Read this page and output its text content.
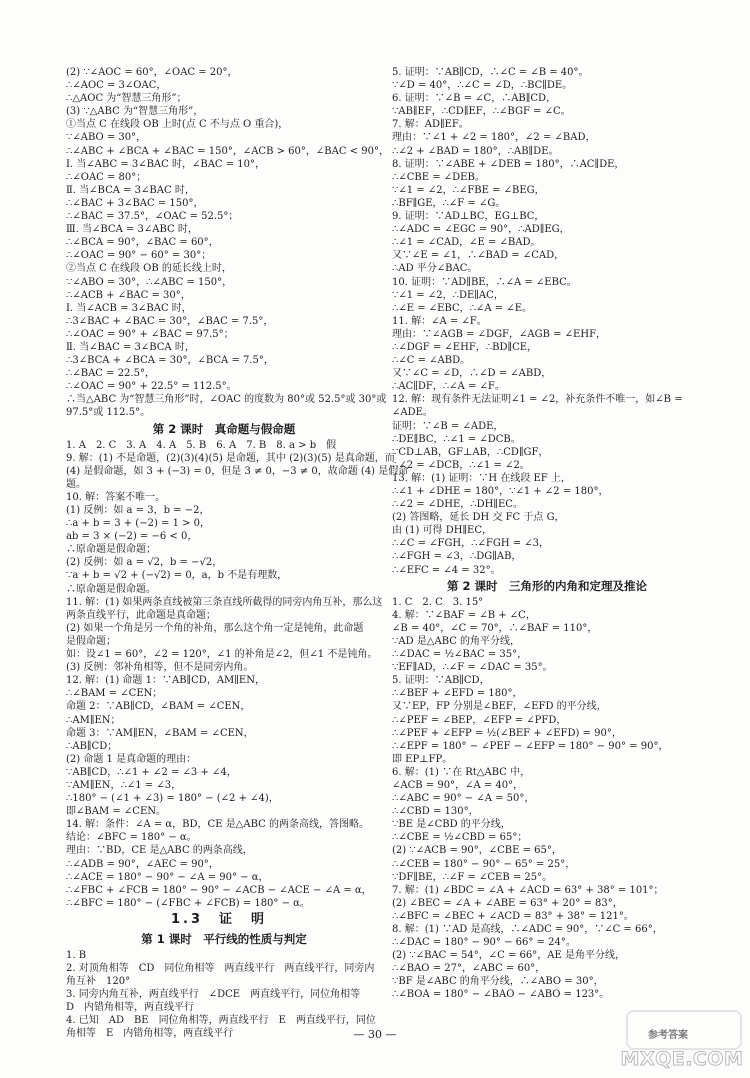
(2) ∵∠AOC = 60°，∠OAC = 20°，
∴∠AOC = 3∠OAC，
∴△AOC 为“智慧三角形”；
(3) ∵△ABC 为“智慧三角形”，
①当点 C 在线段 OB 上时(点 C 不与点 O 重合)，
∵∠ABO = 30°，
∴∠ABC + ∠BCA + ∠BAC = 150°，∠ACB > 60°，∠BAC < 90°，
Ⅰ. 当∠ABC = 3∠BAC 时，∠BAC = 10°，
∴∠OAC = 80°；
Ⅱ. 当∠BCA = 3∠BAC 时，
∴∠BAC + 3∠BAC = 150°，
∴∠BAC = 37.5°，∠OAC = 52.5°；
Ⅲ. 当∠BCA = 3∠ABC 时，
∴∠BCA = 90°，∠BAC = 60°，
∴∠OAC = 90° − 60° = 30°；
②当点 C 在线段 OB 的延长线上时，
∵∠ABO = 30°，∴∠ABC = 150°，
∴∠ACB + ∠BAC = 30°，
Ⅰ. 当∠ACB = 3∠BAC 时，
∴3∠BAC + ∠BAC = 30°，∠BAC = 7.5°，
∴∠OAC = 90° + ∠BAC = 97.5°；
Ⅱ. 当∠BAC = 3∠BCA 时，
∴3∠BCA + ∠BCA = 30°，∠BCA = 7.5°，
∴∠BAC = 22.5°，
∴∠OAC = 90° + 22.5° = 112.5°。
∴当△ABC 为“智慧三角形”时，∠OAC 的度数为 80°或 52.5°或 30°或
97.5°或 112.5°。
第 2 课时　真命题与假命题
1. A　2. C　3. A　4. A　5. B　6. A　7. B　8. a > b　假
9. 解：(1) 不是命题，(2)(3)(4)(5) 是命题，其中 (2)(3)(5) 是真命题，而
(4) 是假命题，如 3 + (−3) = 0，但是 3 ≠ 0，−3 ≠ 0，故命题 (4) 是假命
题。
10. 解：答案不唯一。
(1) 反例：如 a = 3，b = −2，
∴a + b = 3 + (−2) = 1 > 0，
ab = 3 × (−2) = −6 < 0，
∴原命题是假命题；
(2) 反例：如 a = √2，b = −√2，
∵a + b = √2 + (−√2) = 0，a，b 不是有理数，
∴原命题是假命题。
11. 解：(1) 如果两条直线被第三条直线所截得的同旁内角互补，那么这
两条直线平行，此命题是真命题；
(2) 如果一个角是另一个角的补角，那么这个角一定是钝角，此命题
是假命题；
如：设∠1 = 60°，∠2 = 120°，∠1 的补角是∠2，但∠1 不是钝角。
(3) 反例：邻补角相等，但不是同旁内角。
12. 解：(1) 命题 1：∵AB∥CD，AM∥EN，
∴∠BAM = ∠CEN；
命题 2：∵AB∥CD，∠BAM = ∠CEN，
∴AM∥EN；
命题 3：∵AM∥EN，∠BAM = ∠CEN，
∴AB∥CD；
(2) 命题 1 是真命题的理由：
∵AB∥CD，∴∠1 + ∠2 = ∠3 + ∠4，
∵AM∥EN，∴∠1 = ∠3，
∴180° − (∠1 + ∠3) = 180° − (∠2 + ∠4)，
即∠BAM = ∠CEN。
14. 解：条件：∠A = α，BD，CE 是△ABC 的两条高线，答图略。
结论：∠BFC = 180° − α。
理由：∵BD，CE 是△ABC 的两条高线，
∴∠ADB = 90°，∠AEC = 90°，
∴∠ACE = 180° − 90° − ∠A = 90° − α，
∴∠FBC + ∠FCB = 180° − 90° − ∠ACB − ∠ACE − ∠A = α，
∴∠BFC = 180° − (∠FBC + ∠FCB) = 180° − α。
1.3　证　明
第 1 课时　平行线的性质与判定
1. B
2. 对顶角相等　CD　同位角相等　两直线平行　两直线平行，同旁内
角互补　120°
3. 同旁内角互补，两直线平行　∠DCE　两直线平行，同位角相等
D　内错角相等，两直线平行
4. 已知　AD　BE　同位角相等，两直线平行　E　两直线平行，同位
角相等　E　内错角相等，两直线平行
5. 证明：∵AB∥CD，∴∠C = ∠B = 40°。
∵∠D = 40°，∴∠C = ∠D，∴BC∥DE。
6. 证明：∵∠B = ∠C，∴AB∥CD，
∵AB∥EF，∴CD∥EF，∴∠BGF = ∠C。
7. 解：AD∥EF。
理由：∵∠1 + ∠2 = 180°，∠2 = ∠BAD，
∴∠2 + ∠BAD = 180°，∴AB∥DE。
8. 证明：∵∠ABE + ∠DEB = 180°，∴AC∥DE，
∴∠CBE = ∠DEB。
∵∠1 = ∠2，∴∠FBE = ∠BEG，
∴BF∥GE，∴∠F = ∠G。
9. 证明：∵AD⊥BC，EG⊥BC，
∴∠ADC = ∠EGC = 90°，∴AD∥EG，
∴∠1 = ∠CAD，∠E = ∠BAD。
又∵∠E = ∠1，∴∠BAD = ∠CAD，
∴AD 平分∠BAC。
10. 证明：∵AD∥BE，∴∠A = ∠EBC。
∵∠1 = ∠2，∴DE∥AC，
∴∠E = ∠EBC，∴∠A = ∠E。
11. 解：∠A = ∠F。
理由：∵∠AGB = ∠DGF，∠AGB = ∠EHF，
∴∠DGF = ∠EHF，∴BD∥CE，
∴∠C = ∠ABD。
又∵∠C = ∠D，∴∠D = ∠ABD，
∴AC∥DF，∴∠A = ∠F。
12. 解：现有条件无法证明∠1 = ∠2，补充条件不唯一，如∠B =
∠ADE。
证明：∵∠B = ∠ADE，
∴DE∥BC，∴∠1 = ∠DCB。
∵CD⊥AB，GF⊥AB，∴CD∥GF，
∴∠2 = ∠DCB，∴∠1 = ∠2。
13. 解：(1) 证明：∵H 在线段 EF 上，
∴∠1 + ∠DHE = 180°，∵∠1 + ∠2 = 180°，
∴∠2 = ∠DHE，∴DH∥EC。
(2) 答图略，延长 DH 交 FC 于点 G，
由 (1) 可得 DH∥EC，
∴∠C = ∠FGH，∴∠FGH = ∠3，
∴∠FGH = ∠3，∴DG∥AB，
∴∠EFC = ∠4 = 32°。
第 2 课时　三角形的内角和定理及推论
1. C　2. C　3. 15°
4. 解：∵∠BAF = ∠B + ∠C，
∠B = 40°，∠C = 70°，∴∠BAF = 110°，
∵AD 是△ABC 的角平分线，
∴∠DAC = ½∠BAC = 35°，
∵EF∥AD，∴∠F = ∠DAC = 35°。
5. 证明：∵AB∥CD，
∴∠BEF + ∠EFD = 180°，
又∵EP，FP 分别是∠BEF，∠EFD 的平分线，
∴∠PEF = ∠BEP，∠EFP = ∠PFD，
∴∠PEF + ∠EFP = ½(∠BEF + ∠EFD) = 90°，
∴∠EPF = 180° − ∠PEF − ∠EFP = 180° − 90° = 90°，
即 EP⊥FP。
6. 解：(1) ∵在 Rt△ABC 中，
∠ACB = 90°，∠A = 40°，
∴∠ABC = 90° − ∠A = 50°，
∴∠CBD = 130°，
∵BE 是∠CBD 的平分线，
∴∠CBE = ½∠CBD = 65°；
(2) ∵∠ACB = 90°，∠CBE = 65°，
∴∠CEB = 180° − 90° − 65° = 25°，
∵DF∥BE，∴∠F = ∠CEB = 25°。
7. 解：(1) ∠BDC = ∠A + ∠ACD = 63° + 38° = 101°；
(2) ∠BEC = ∠A + ∠ABE = 63° + 20° = 83°，
∴∠BFC = ∠BEC + ∠ACD = 83° + 38° = 121°。
8. 解：(1) ∵AD 是高线，∴∠ADC = 90°，∵∠C = 66°，
∴∠DAC = 180° − 90° − 66° = 24°。
(2) ∵∠BAC = 54°，∠C = 66°，AE 是角平分线，
∴∠BAO = 27°，∠ABC = 60°，
∵BF 是∠ABC 的角平分线，∴∠ABO = 30°，
∴∠BOA = 180° − ∠BAO − ∠ABO = 123°。
— 30 —	参考答案
MXQE.COM
